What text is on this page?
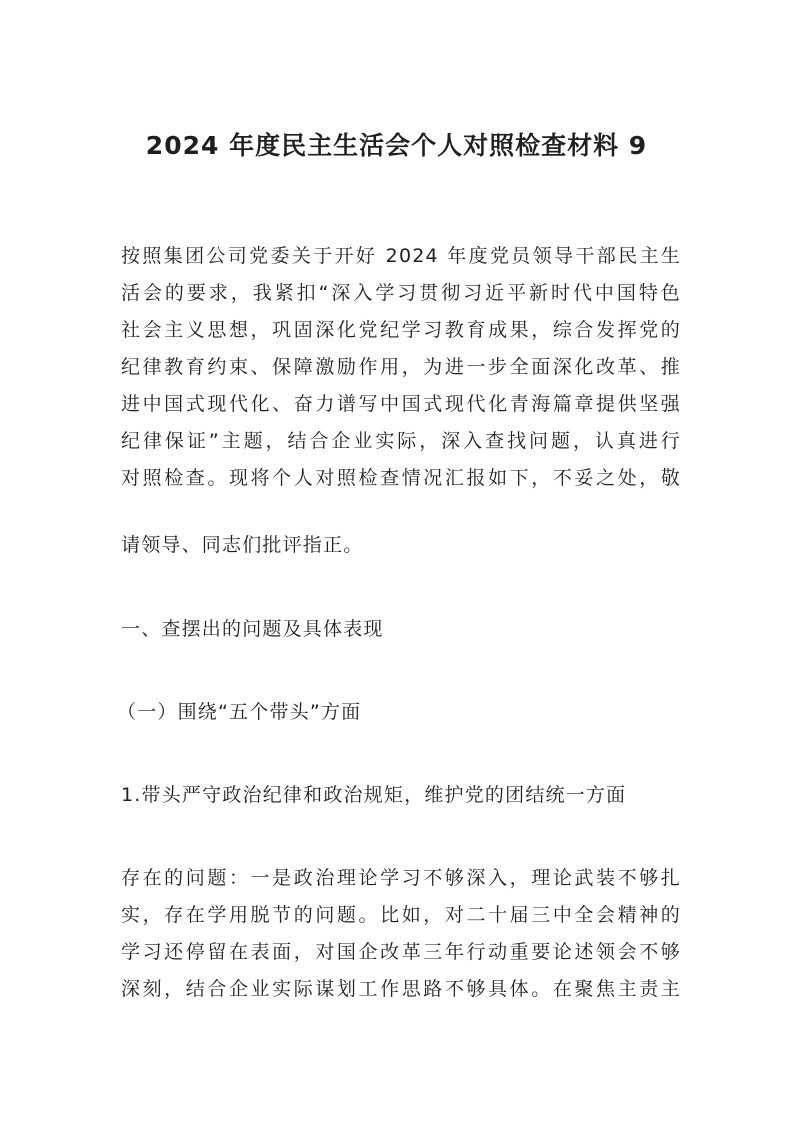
2024 年度民主生活会个人对照检查材料 9
按照集团公司党委关于开好 2024 年度党员领导干部民主生
活会的要求，我紧扣“深入学习贯彻习近平新时代中国特色
社会主义思想，巩固深化党纪学习教育成果，综合发挥党的
纪律教育约束、保障激励作用，为进一步全面深化改革、推
进中国式现代化、奋力谱写中国式现代化青海篇章提供坚强
纪律保证”主题，结合企业实际，深入查找问题，认真进行
对照检查。现将个人对照检查情况汇报如下，不妥之处，敬
请领导、同志们批评指正。
一、查摆出的问题及具体表现
（一）围绕“五个带头”方面
1.带头严守政治纪律和政治规矩，维护党的团结统一方面
存在的问题：一是政治理论学习不够深入，理论武装不够扎
实，存在学用脱节的问题。比如，对二十届三中全会精神的
学习还停留在表面，对国企改革三年行动重要论述领会不够
深刻，结合企业实际谋划工作思路不够具体。在聚焦主责主
